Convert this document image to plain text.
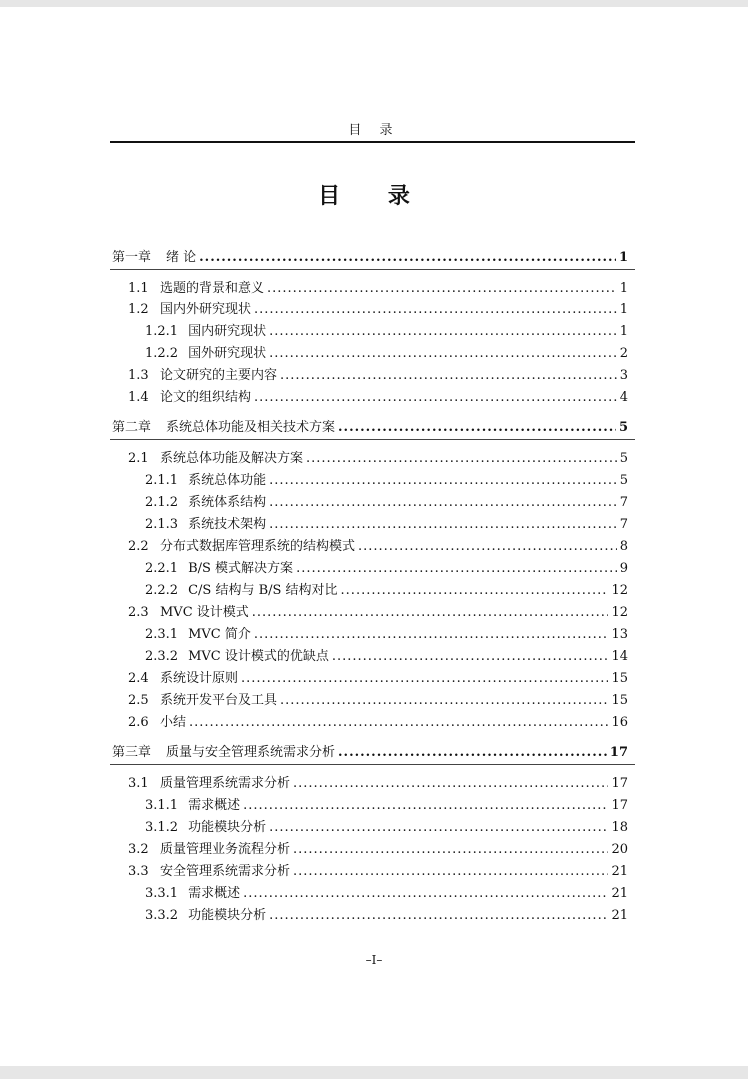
目 录
目 录
第一章	绪 论 .....	1
1.1 选题的背景和意义 .....	1
1.2 国内外研究现状 .....	1
1.2.1 国内研究现状 .....	1
1.2.2 国外研究现状 .....	2
1.3 论文研究的主要内容 .....	3
1.4 论文的组织结构 .....	4
第二章	系统总体功能及相关技术方案 .....	5
2.1 系统总体功能及解决方案 .....	5
2.1.1 系统总体功能 .....	5
2.1.2 系统体系结构 .....	7
2.1.3 系统技术架构 .....	7
2.2 分布式数据库管理系统的结构模式 .....	8
2.2.1 B/S 模式解决方案 .....	9
2.2.2 C/S 结构与 B/S 结构对比 .....	12
2.3 MVC 设计模式 .....	12
2.3.1 MVC 简介 .....	13
2.3.2 MVC 设计模式的优缺点 .....	14
2.4 系统设计原则 .....	15
2.5 系统开发平台及工具 .....	15
2.6 小结 .....	16
第三章	质量与安全管理系统需求分析 .....	17
3.1 质量管理系统需求分析 .....	17
3.1.1 需求概述 .....	17
3.1.2 功能模块分析 .....	18
3.2 质量管理业务流程分析 .....	20
3.3 安全管理系统需求分析 .....	21
3.3.1 需求概述 .....	21
3.3.2 功能模块分析 .....	21
–I–
